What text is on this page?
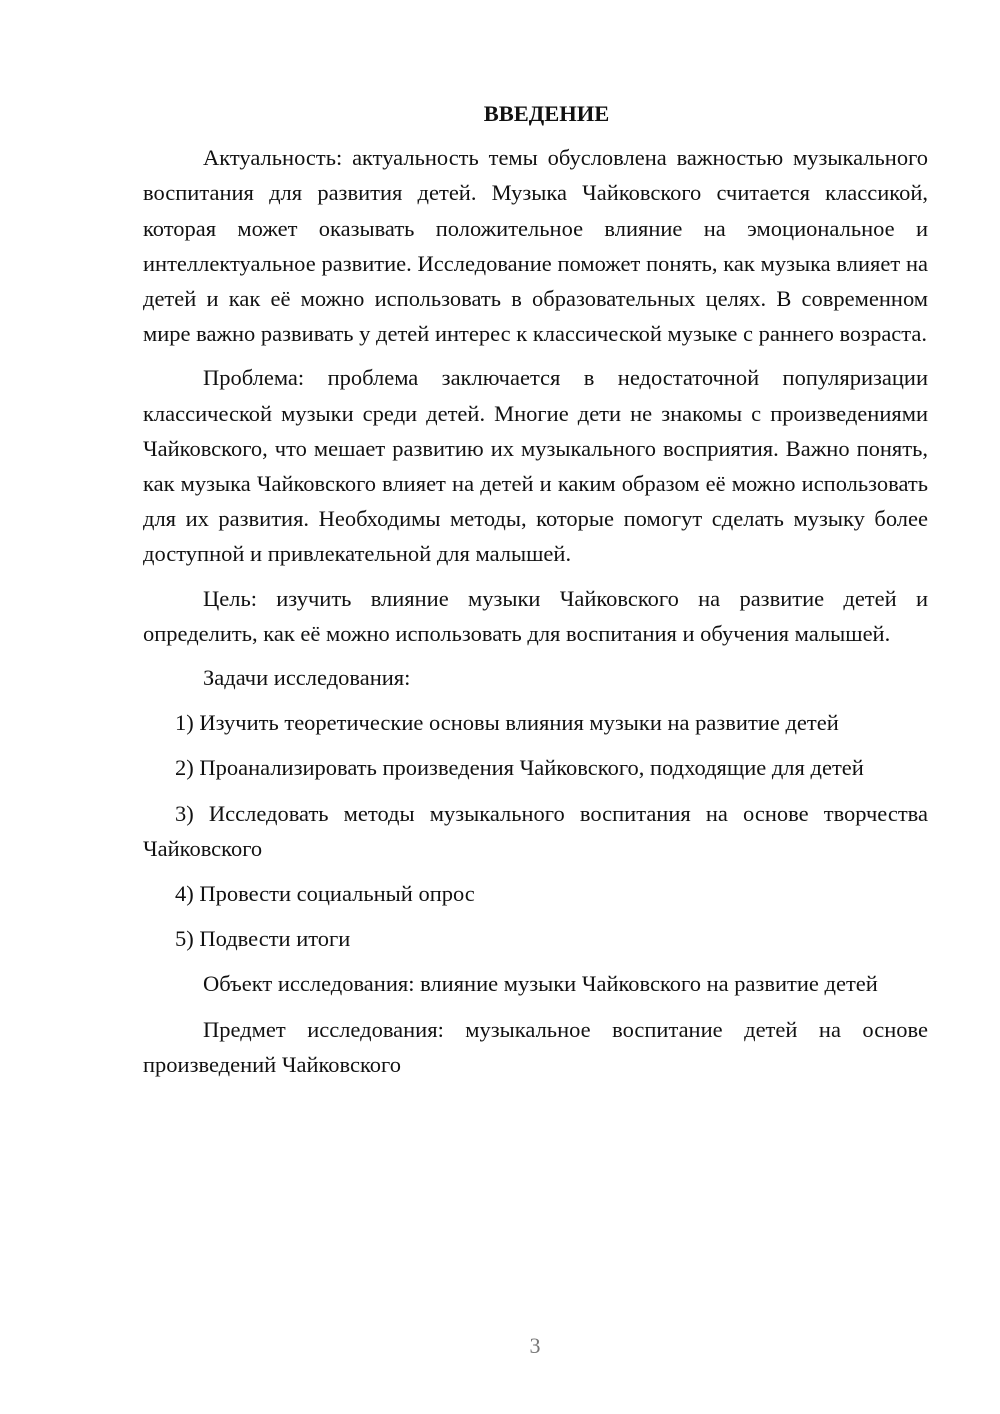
ВВЕДЕНИЕ

Актуальность: актуальность темы обусловлена важностью музыкального воспитания для развития детей. Музыка Чайковского считается классикой, которая может оказывать положительное влияние на эмоциональное и интеллектуальное развитие. Исследование поможет понять, как музыка влияет на детей и как её можно использовать в образовательных целях. В современном мире важно развивать у детей интерес к классической музыке с раннего возраста.

Проблема: проблема заключается в недостаточной популяризации классической музыки среди детей. Многие дети не знакомы с произведениями Чайковского, что мешает развитию их музыкального восприятия. Важно понять, как музыка Чайковского влияет на детей и каким образом её можно использовать для их развития. Необходимы методы, которые помогут сделать музыку более доступной и привлекательной для малышей.

Цель: изучить влияние музыки Чайковского на развитие детей и определить, как её можно использовать для воспитания и обучения малышей.

Задачи исследования:

1) Изучить теоретические основы влияния музыки на развитие детей

2) Проанализировать произведения Чайковского, подходящие для детей

3) Исследовать методы музыкального воспитания на основе творчества Чайковского

4) Провести социальный опрос

5) Подвести итоги

Объект исследования: влияние музыки Чайковского на развитие детей

Предмет исследования: музыкальное воспитание детей на основе произведений Чайковского

3
